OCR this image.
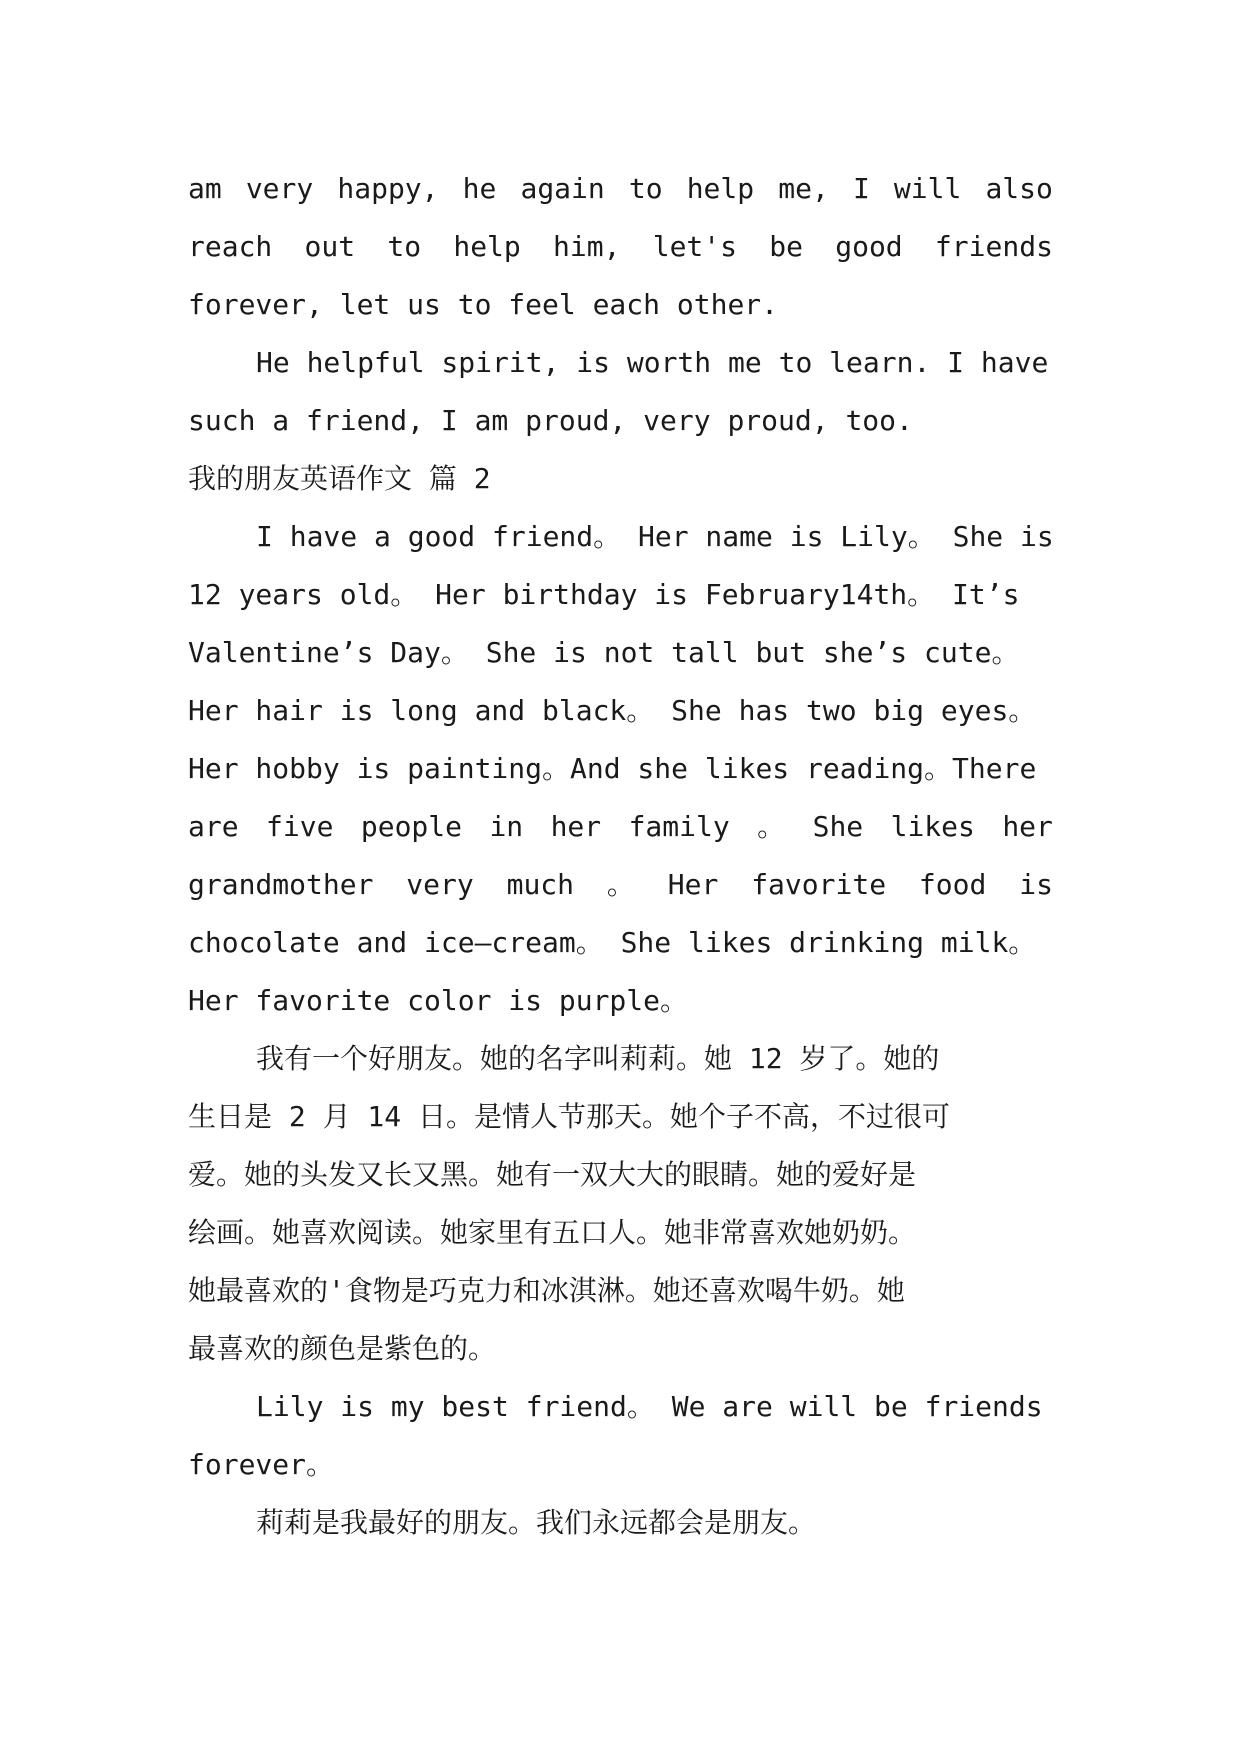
am very happy, he again to help me, I will also
reach out to help him, let's be good friends
forever, let us to feel each other.
He helpful spirit, is worth me to learn. I have
such a friend, I am proud, very proud, too.
我的朋友英语作文 篇 2
I have a good friend。 Her name is Lily。 She is
12 years old。 Her birthday is February14th。 It’s
Valentine’s Day。 She is not tall but she’s cute。
Her hair is long and black。 She has two big eyes。
Her hobby is painting。And she likes reading。There
are five people in her family 。 She likes her
grandmother very much 。 Her favorite food is
chocolate and ice—cream。 She likes drinking milk。
Her favorite color is purple。
我有一个好朋友。她的名字叫莉莉。她 12 岁了。她的
生日是 2 月 14 日。是情人节那天。她个子不高，不过很可
爱。她的头发又长又黑。她有一双大大的眼睛。她的爱好是
绘画。她喜欢阅读。她家里有五口人。她非常喜欢她奶奶。
她最喜欢的'食物是巧克力和冰淇淋。她还喜欢喝牛奶。她
最喜欢的颜色是紫色的。
Lily is my best friend。 We are will be friends
forever。
莉莉是我最好的朋友。我们永远都会是朋友。
